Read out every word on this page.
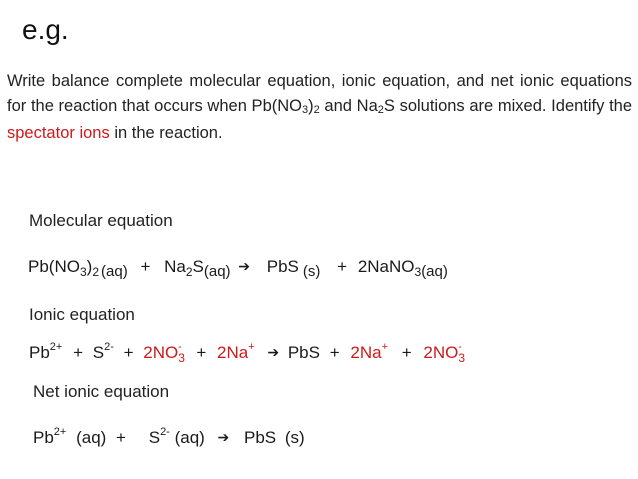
e.g.
Write balance complete molecular equation, ionic equation, and net ionic equations for the reaction that occurs when $Pb(NO_3)_2$ and $Na_2S$ solutions are mixed. Identify the spectator ions in the reaction.
Molecular equation
$Pb(NO_3)_2$ $(aq) + Na_2S(aq)$ ➔ PbS (s) + 2NaNO$_3$(aq)
Ionic equation
$Pb^{2+} + S^{2-} + 2NO_3^- + 2Na^+$ ➔ PbS + $2Na^+ + 2NO_3^-$
Net ionic equation
$Pb^{2+}$ $(aq) + S^{2-}$ (aq) ➔ PbS (s)
